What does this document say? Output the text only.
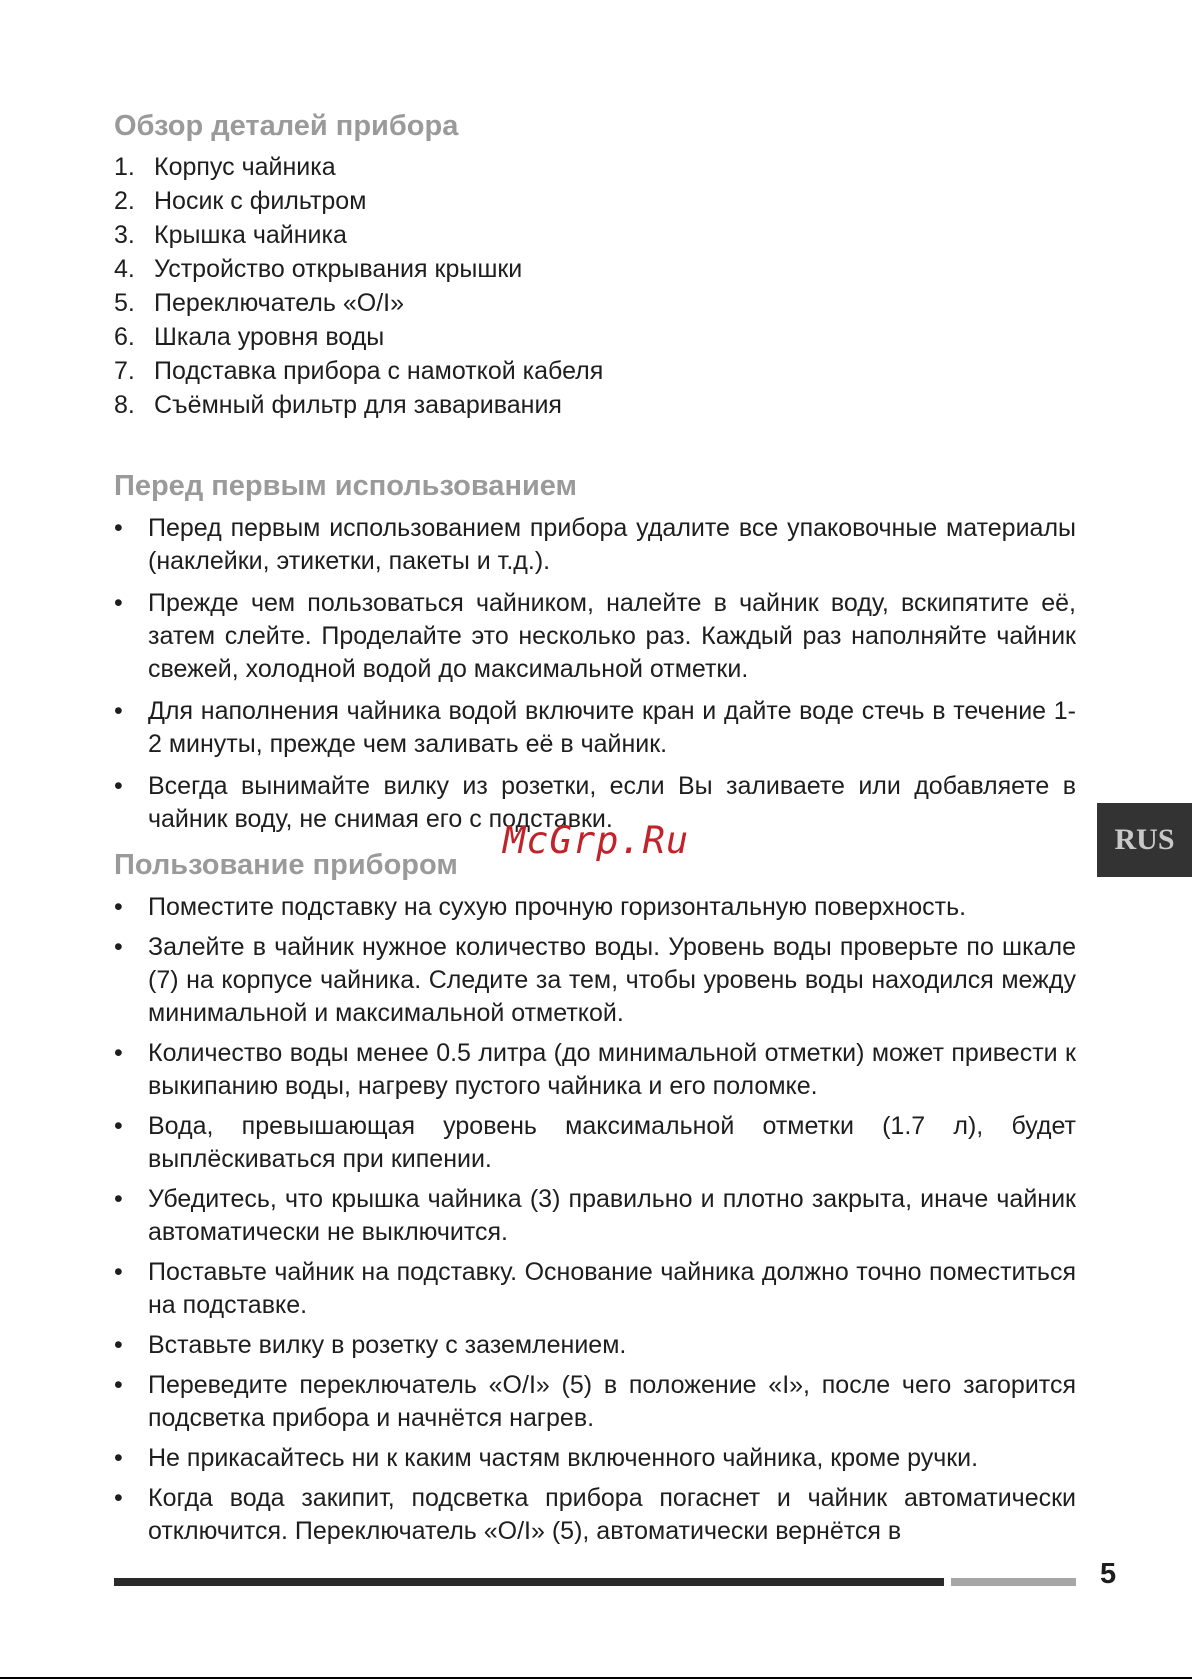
Обзор деталей прибора
1. Корпус чайника
2. Носик с фильтром
3. Крышка чайника
4. Устройство открывания крышки
5. Переключатель «O/I»
6. Шкала уровня воды
7. Подставка прибора с намоткой кабеля
8. Съёмный фильтр для заваривания
Перед первым использованием
• Перед первым использованием прибора удалите все упаковочные материалы (наклейки, этикетки, пакеты и т.д.).
• Прежде чем пользоваться чайником, налейте в чайник воду, вскипятите её, затем слейте. Проделайте это несколько раз. Каждый раз наполняйте чайник свежей, холодной водой до максимальной отметки.
• Для наполнения чайника водой включите кран и дайте воде стечь в течение 1-2 минуты, прежде чем заливать её в чайник.
• Всегда вынимайте вилку из розетки, если Вы заливаете или добавляете в чайник воду, не снимая его с подставки.
Пользование прибором
• Поместите подставку на сухую прочную горизонтальную поверхность.
• Залейте в чайник нужное количество воды. Уровень воды проверьте по шкале (7) на корпусе чайника. Следите за тем, чтобы уровень воды находился между минимальной и максимальной отметкой.
• Количество воды менее 0.5 литра (до минимальной отметки) может привести к выкипанию воды, нагреву пустого чайника и его поломке.
• Вода, превышающая уровень максимальной отметки (1.7 л), будет выплёскиваться при кипении.
• Убедитесь, что крышка чайника (3) правильно и плотно закрыта, иначе чайник автоматически не выключится.
• Поставьте чайник на подставку. Основание чайника должно точно поместиться на подставке.
• Вставьте вилку в розетку с заземлением.
• Переведите переключатель «O/I» (5) в положение «I», после чего загорится подсветка прибора и начнётся нагрев.
• Не прикасайтесь ни к каким частям включенного чайника, кроме ручки.
• Когда вода закипит, подсветка прибора погаснет и чайник автоматически отключится. Переключатель «O/I» (5), автоматически вернётся в
RUS
McGrp.Ru
5
